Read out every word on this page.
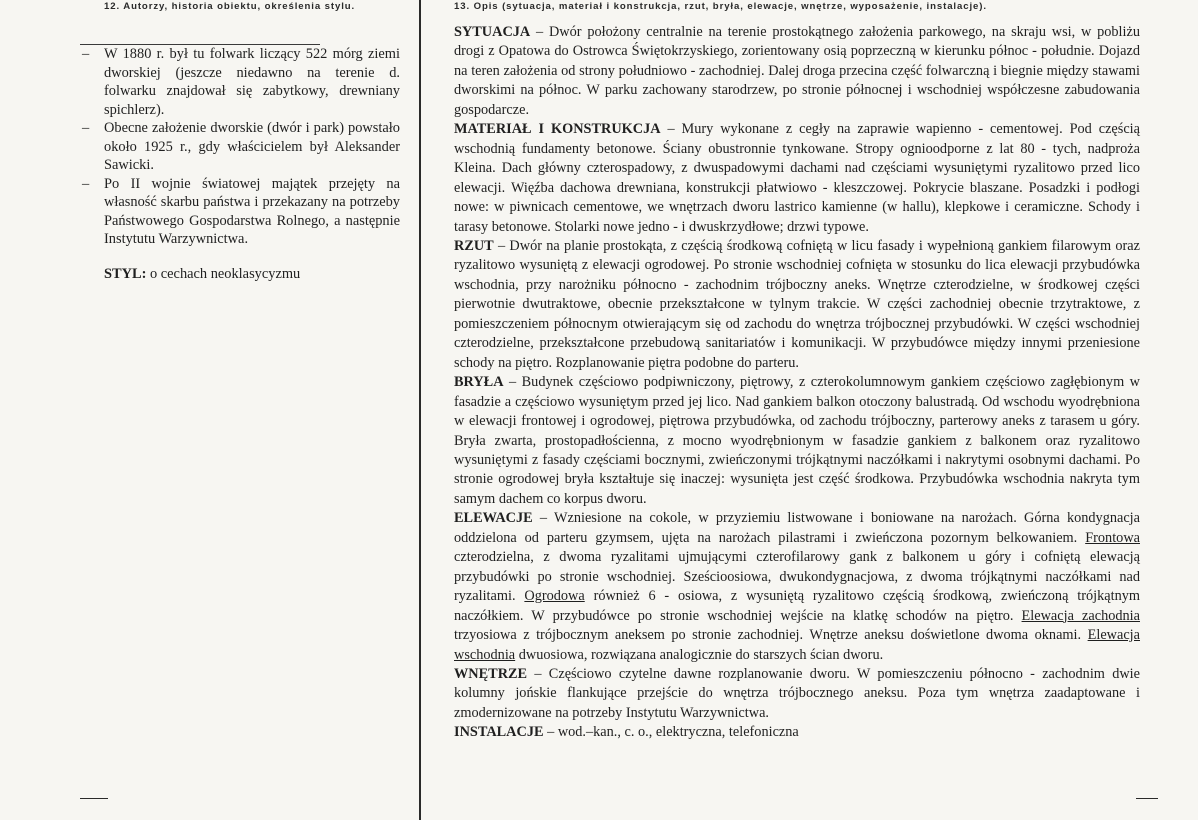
12. Autorzy, historia obiektu, określenia stylu.

– W 1880 r. był tu folwark liczący 522 mórg ziemi dworskiej (jeszcze niedawno na terenie d. folwarku znajdował się zabytkowy, drewniany spichlerz).

– Obecne założenie dworskie (dwór i park) powstało około 1925 r., gdy właścicielem był Aleksander Sawicki.

– Po II wojnie światowej majątek przejęty na własność skarbu państwa i przekazany na potrzeby Państwowego Gospodarstwa Rolnego, a następnie Instytutu Warzywnictwa.

STYL: o cechach neoklasycyzmu
13. Opis (sytuacja, materiał i konstrukcja, rzut, bryła, elewacje, wnętrze, wyposażenie, instalacje).

SYTUACJA – Dwór położony centralnie na terenie prostokątnego założenia parkowego, na skraju wsi, w pobliżu drogi z Opatowa do Ostrowca Świętokrzyskiego, zorientowany osią poprzeczną w kierunku północ - południe. Dojazd na teren założenia od strony południowo - zachodniej. Dalej droga przecina część folwarczną i biegnie między stawami dworskimi na północ. W parku zachowany starodrzew, po stronie północnej i wschodniej współczesne zabudowania gospodarcze.

MATERIAŁ I KONSTRUKCJA – Mury wykonane z cegły na zaprawie wapienno - cementowej. Pod częścią wschodnią fundamenty betonowe. Ściany obustronnie tynkowane. Stropy ognioodporne z lat 80 - tych, nadproża Kleina. Dach główny czterospadowy, z dwuspadowymi dachami nad częściami wysuniętymi ryzalitowo przed lico elewacji. Więźba dachowa drewniana, konstrukcji płatwiowo - kleszczowej. Pokrycie blaszane. Posadzki i podłogi nowe: w piwnicach cementowe, we wnętrzach dworu lastrico kamienne (w hallu), klepkowe i ceramiczne. Schody i tarasy betonowe. Stolarki nowe jedno - i dwuskrzydłowe; drzwi typowe.

RZUT – Dwór na planie prostokąta, z częścią środkową cofniętą w licu fasady i wypełnioną gankiem filarowym oraz ryzalitowo wysuniętą z elewacji ogrodowej. Po stronie wschodniej cofnięta w stosunku do lica elewacji przybudówka wschodnia, przy narożniku północno - zachodnim trójboczny aneks. Wnętrze czterodzielne, w środkowej części pierwotnie dwutraktowe, obecnie przekształcone w tylnym trakcie. W części zachodniej obecnie trzytraktowe, z pomieszczeniem północnym otwierającym się od zachodu do wnętrza trójbocznej przybudówki. W części wschodniej czterodzielne, przekształcone przebudową sanitariatów i komunikacji. W przybudówce między innymi przeniesione schody na piętro. Rozplanowanie piętra podobne do parteru.

BRYŁA – Budynek częściowo podpiwniczony, piętrowy, z czterokolumnowym gankiem częściowo zagłębionym w fasadzie a częściowo wysuniętym przed jej lico. Nad gankiem balkon otoczony balustradą. Od wschodu wyodrębniona w elewacji frontowej i ogrodowej, piętrowa przybudówka, od zachodu trójboczny, parterowy aneks z tarasem u góry. Bryła zwarta, prostopadłościenna, z mocno wyodrębnionym w fasadzie gankiem z balkonem oraz ryzalitowo wysuniętymi z fasady częściami bocznymi, zwieńczonymi trójkątnymi naczółkami i nakrytymi osobnymi dachami. Po stronie ogrodowej bryła kształtuje się inaczej: wysunięta jest część środkowa. Przybudówka wschodnia nakryta tym samym dachem co korpus dworu.

ELEWACJE – Wzniesione na cokole, w przyziemiu listwowane i boniowane na narożach. Górna kondygnacja oddzielona od parteru gzymsem, ujęta na narożach pilastrami i zwieńczona pozornym belkowaniem. Frontowa czterodzielna, z dwoma ryzalitami ujmującymi czterofilarowy gank z balkonem u góry i cofniętą elewacją przybudówki po stronie wschodniej. Sześcioosiowa, dwukondygnacjowa, z dwoma trójkątnymi naczółkami nad ryzalitami. Ogrodowa również 6 - osiowa, z wysuniętą ryzalitowo częścią środkową, zwieńczoną trójkątnym naczółkiem. W przybudówce po stronie wschodniej wejście na klatkę schodów na piętro. Elewacja zachodnia trzyosiowa z trójbocznym aneksem po stronie zachodniej. Wnętrze aneksu doświetlone dwoma oknami. Elewacja wschodnia dwuosiowa, rozwiązana analogicznie do starszych ścian dworu.

WNĘTRZE – Częściowo czytelne dawne rozplanowanie dworu. W pomieszczeniu północno - zachodnim dwie kolumny jońskie flankujące przejście do wnętrza trójbocznego aneksu. Poza tym wnętrza zaadaptowane i zmodernizowane na potrzeby Instytutu Warzywnictwa.

INSTALACJE – wod.–kan., c. o., elektryczna, telefoniczna
